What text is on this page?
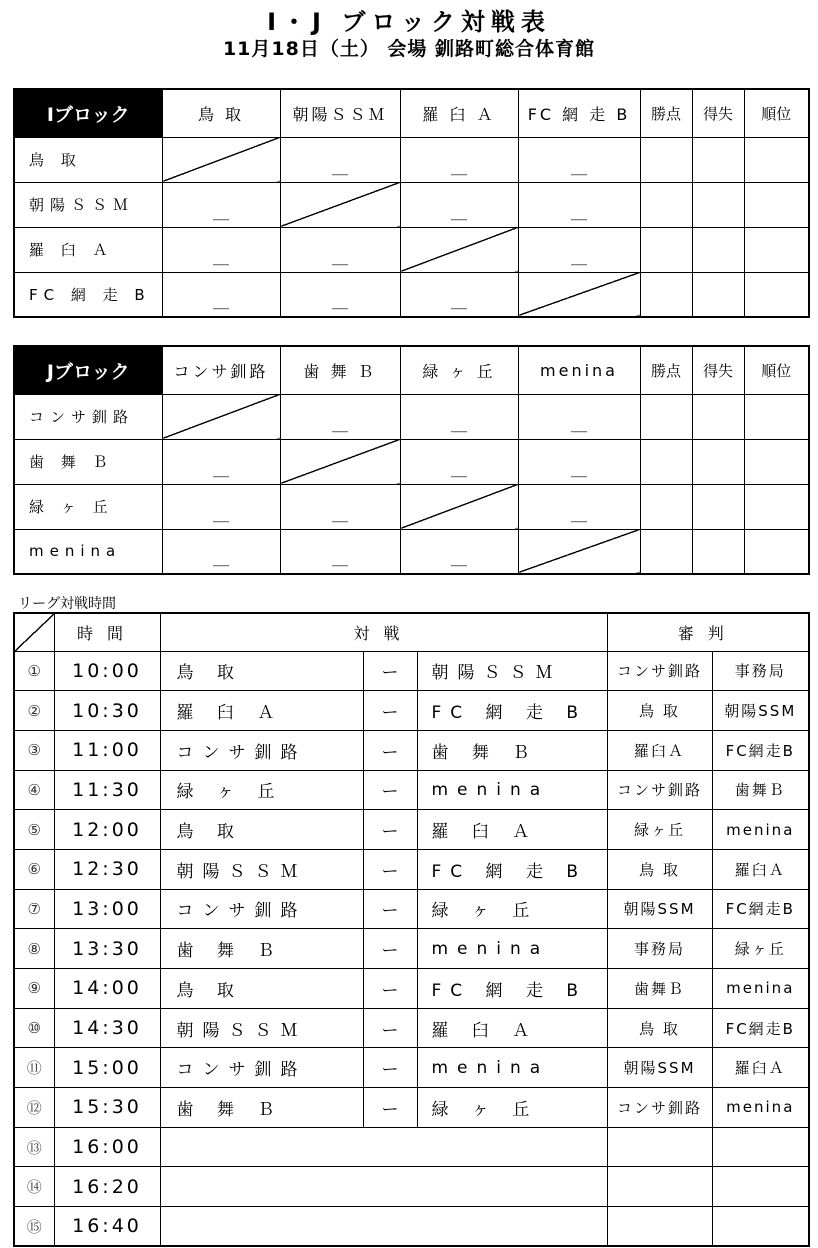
I・J ブロック対戦表
11月18日（土） 会場 釧路町総合体育館
Iブロック	鳥 取	朝陽ＳＳＭ	羅 臼 Ａ	FC 網 走 B	勝点	得失	順位
鳥 取		＿	＿	＿			
朝陽ＳＳＭ	＿		＿	＿			
羅 臼 Ａ	＿	＿		＿			
FC 網 走 B	＿	＿	＿				
Jブロック	コンサ釧路	歯 舞 Ｂ	緑 ヶ 丘	menina	勝点	得失	順位
コンサ釧路		＿	＿	＿			
歯 舞 Ｂ	＿		＿	＿			
緑 ヶ 丘	＿	＿		＿			
menina	＿	＿	＿				
リーグ対戦時間
	時間	対戦			審判	
①	10:00	鳥 取	ー	朝陽ＳＳＭ	コンサ釧路	事務局
②	10:30	羅 臼 Ａ	ー	FC 網 走 B	鳥 取	朝陽SSM
③	11:00	コンサ釧路	ー	歯 舞 Ｂ	羅臼Ａ	FC網走B
④	11:30	緑 ヶ 丘	ー	menina	コンサ釧路	歯舞Ｂ
⑤	12:00	鳥 取	ー	羅 臼 Ａ	緑ヶ丘	menina
⑥	12:30	朝陽ＳＳＭ	ー	FC 網 走 B	鳥 取	羅臼Ａ
⑦	13:00	コンサ釧路	ー	緑 ヶ 丘	朝陽SSM	FC網走B
⑧	13:30	歯 舞 Ｂ	ー	menina	事務局	緑ヶ丘
⑨	14:00	鳥 取	ー	FC 網 走 B	歯舞Ｂ	menina
⑩	14:30	朝陽ＳＳＭ	ー	羅 臼 Ａ	鳥 取	FC網走B
⑪	15:00	コンサ釧路	ー	menina	朝陽SSM	羅臼Ａ
⑫	15:30	歯 舞 Ｂ	ー	緑 ヶ 丘	コンサ釧路	menina
⑬	16:00					
⑭	16:20					
⑮	16:40					
